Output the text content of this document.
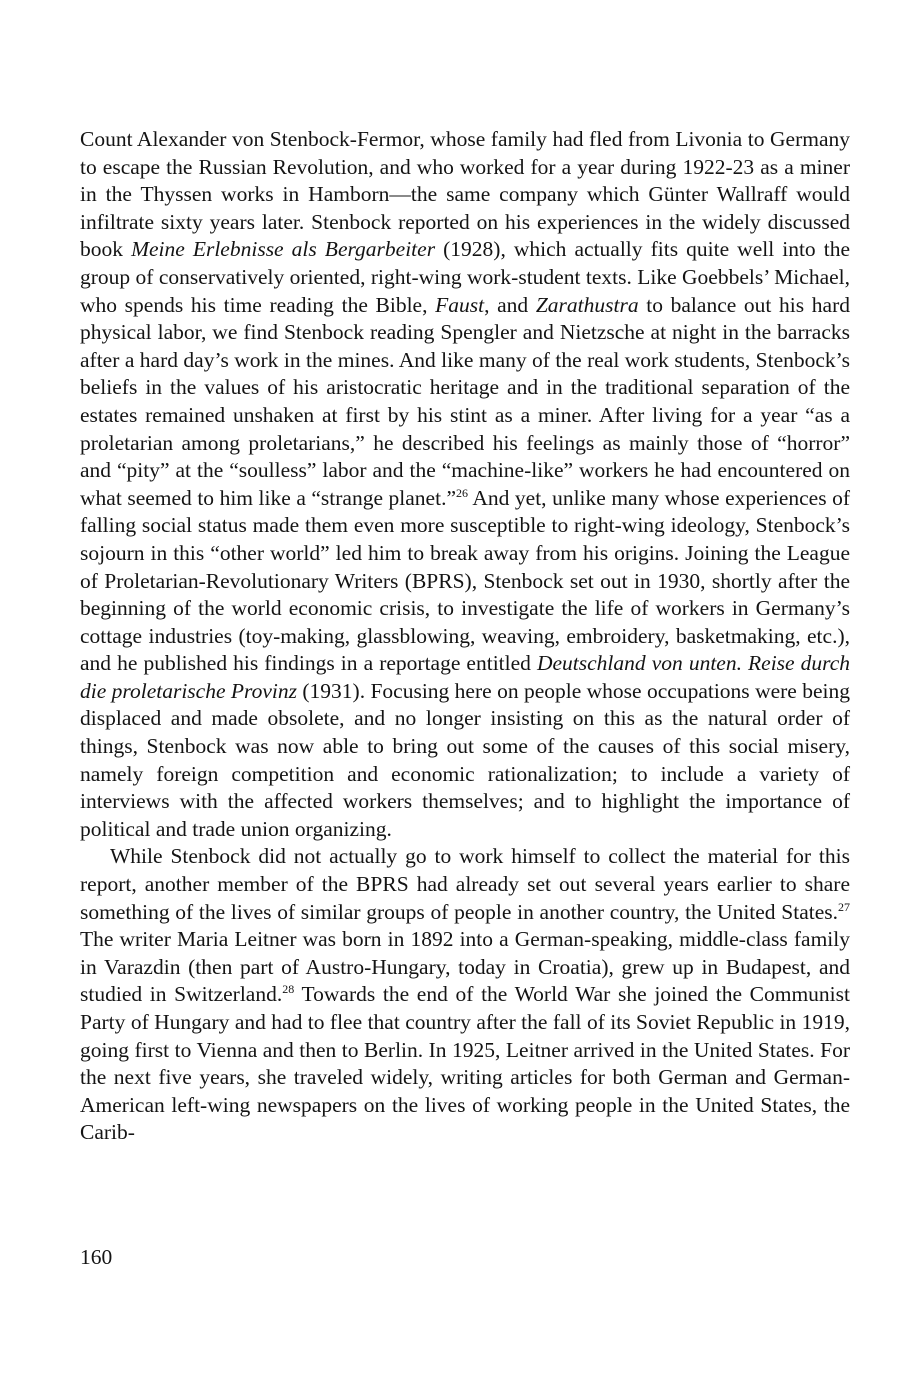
Count Alexander von Stenbock-Fermor, whose family had fled from Livonia to Germany to escape the Russian Revolution, and who worked for a year during 1922-23 as a miner in the Thyssen works in Hamborn—the same company which Günter Wallraff would infiltrate sixty years later. Stenbock reported on his experiences in the widely discussed book Meine Erlebnisse als Bergarbeiter (1928), which actually fits quite well into the group of conservatively oriented, right-wing work-student texts. Like Goebbels’ Michael, who spends his time reading the Bible, Faust, and Zarathustra to balance out his hard physical labor, we find Stenbock reading Spengler and Nietzsche at night in the barracks after a hard day’s work in the mines. And like many of the real work students, Stenbock’s beliefs in the values of his aristocratic heritage and in the traditional separation of the estates remained unshaken at first by his stint as a miner. After living for a year “as a proletarian among proletarians,” he described his feelings as mainly those of “horror” and “pity” at the “soulless” labor and the “machine-like” workers he had encountered on what seemed to him like a “strange planet.”$^{26}$ And yet, unlike many whose experiences of falling social status made them even more susceptible to right-wing ideology, Stenbock’s sojourn in this “other world” led him to break away from his origins. Joining the League of Proletarian-Revolutionary Writers (BPRS), Stenbock set out in 1930, shortly after the beginning of the world economic crisis, to investigate the life of workers in Germany’s cottage industries (toy-making, glassblowing, weaving, embroidery, basketmaking, etc.), and he published his findings in a reportage entitled Deutschland von unten. Reise durch die proletarische Provinz (1931). Focusing here on people whose occupations were being displaced and made obsolete, and no longer insisting on this as the natural order of things, Stenbock was now able to bring out some of the causes of this social misery, namely foreign competition and economic rationalization; to include a variety of interviews with the affected workers themselves; and to highlight the importance of political and trade union organizing.

While Stenbock did not actually go to work himself to collect the material for this report, another member of the BPRS had already set out several years earlier to share something of the lives of similar groups of people in another country, the United States.$^{27}$ The writer Maria Leitner was born in 1892 into a German-speaking, middle-class family in Varazdin (then part of Austro-Hungary, today in Croatia), grew up in Budapest, and studied in Switzerland.$^{28}$ Towards the end of the World War she joined the Communist Party of Hungary and had to flee that country after the fall of its Soviet Republic in 1919, going first to Vienna and then to Berlin. In 1925, Leitner arrived in the United States. For the next five years, she traveled widely, writing articles for both German and German-American left-wing newspapers on the lives of working people in the United States, the Carib-

160
